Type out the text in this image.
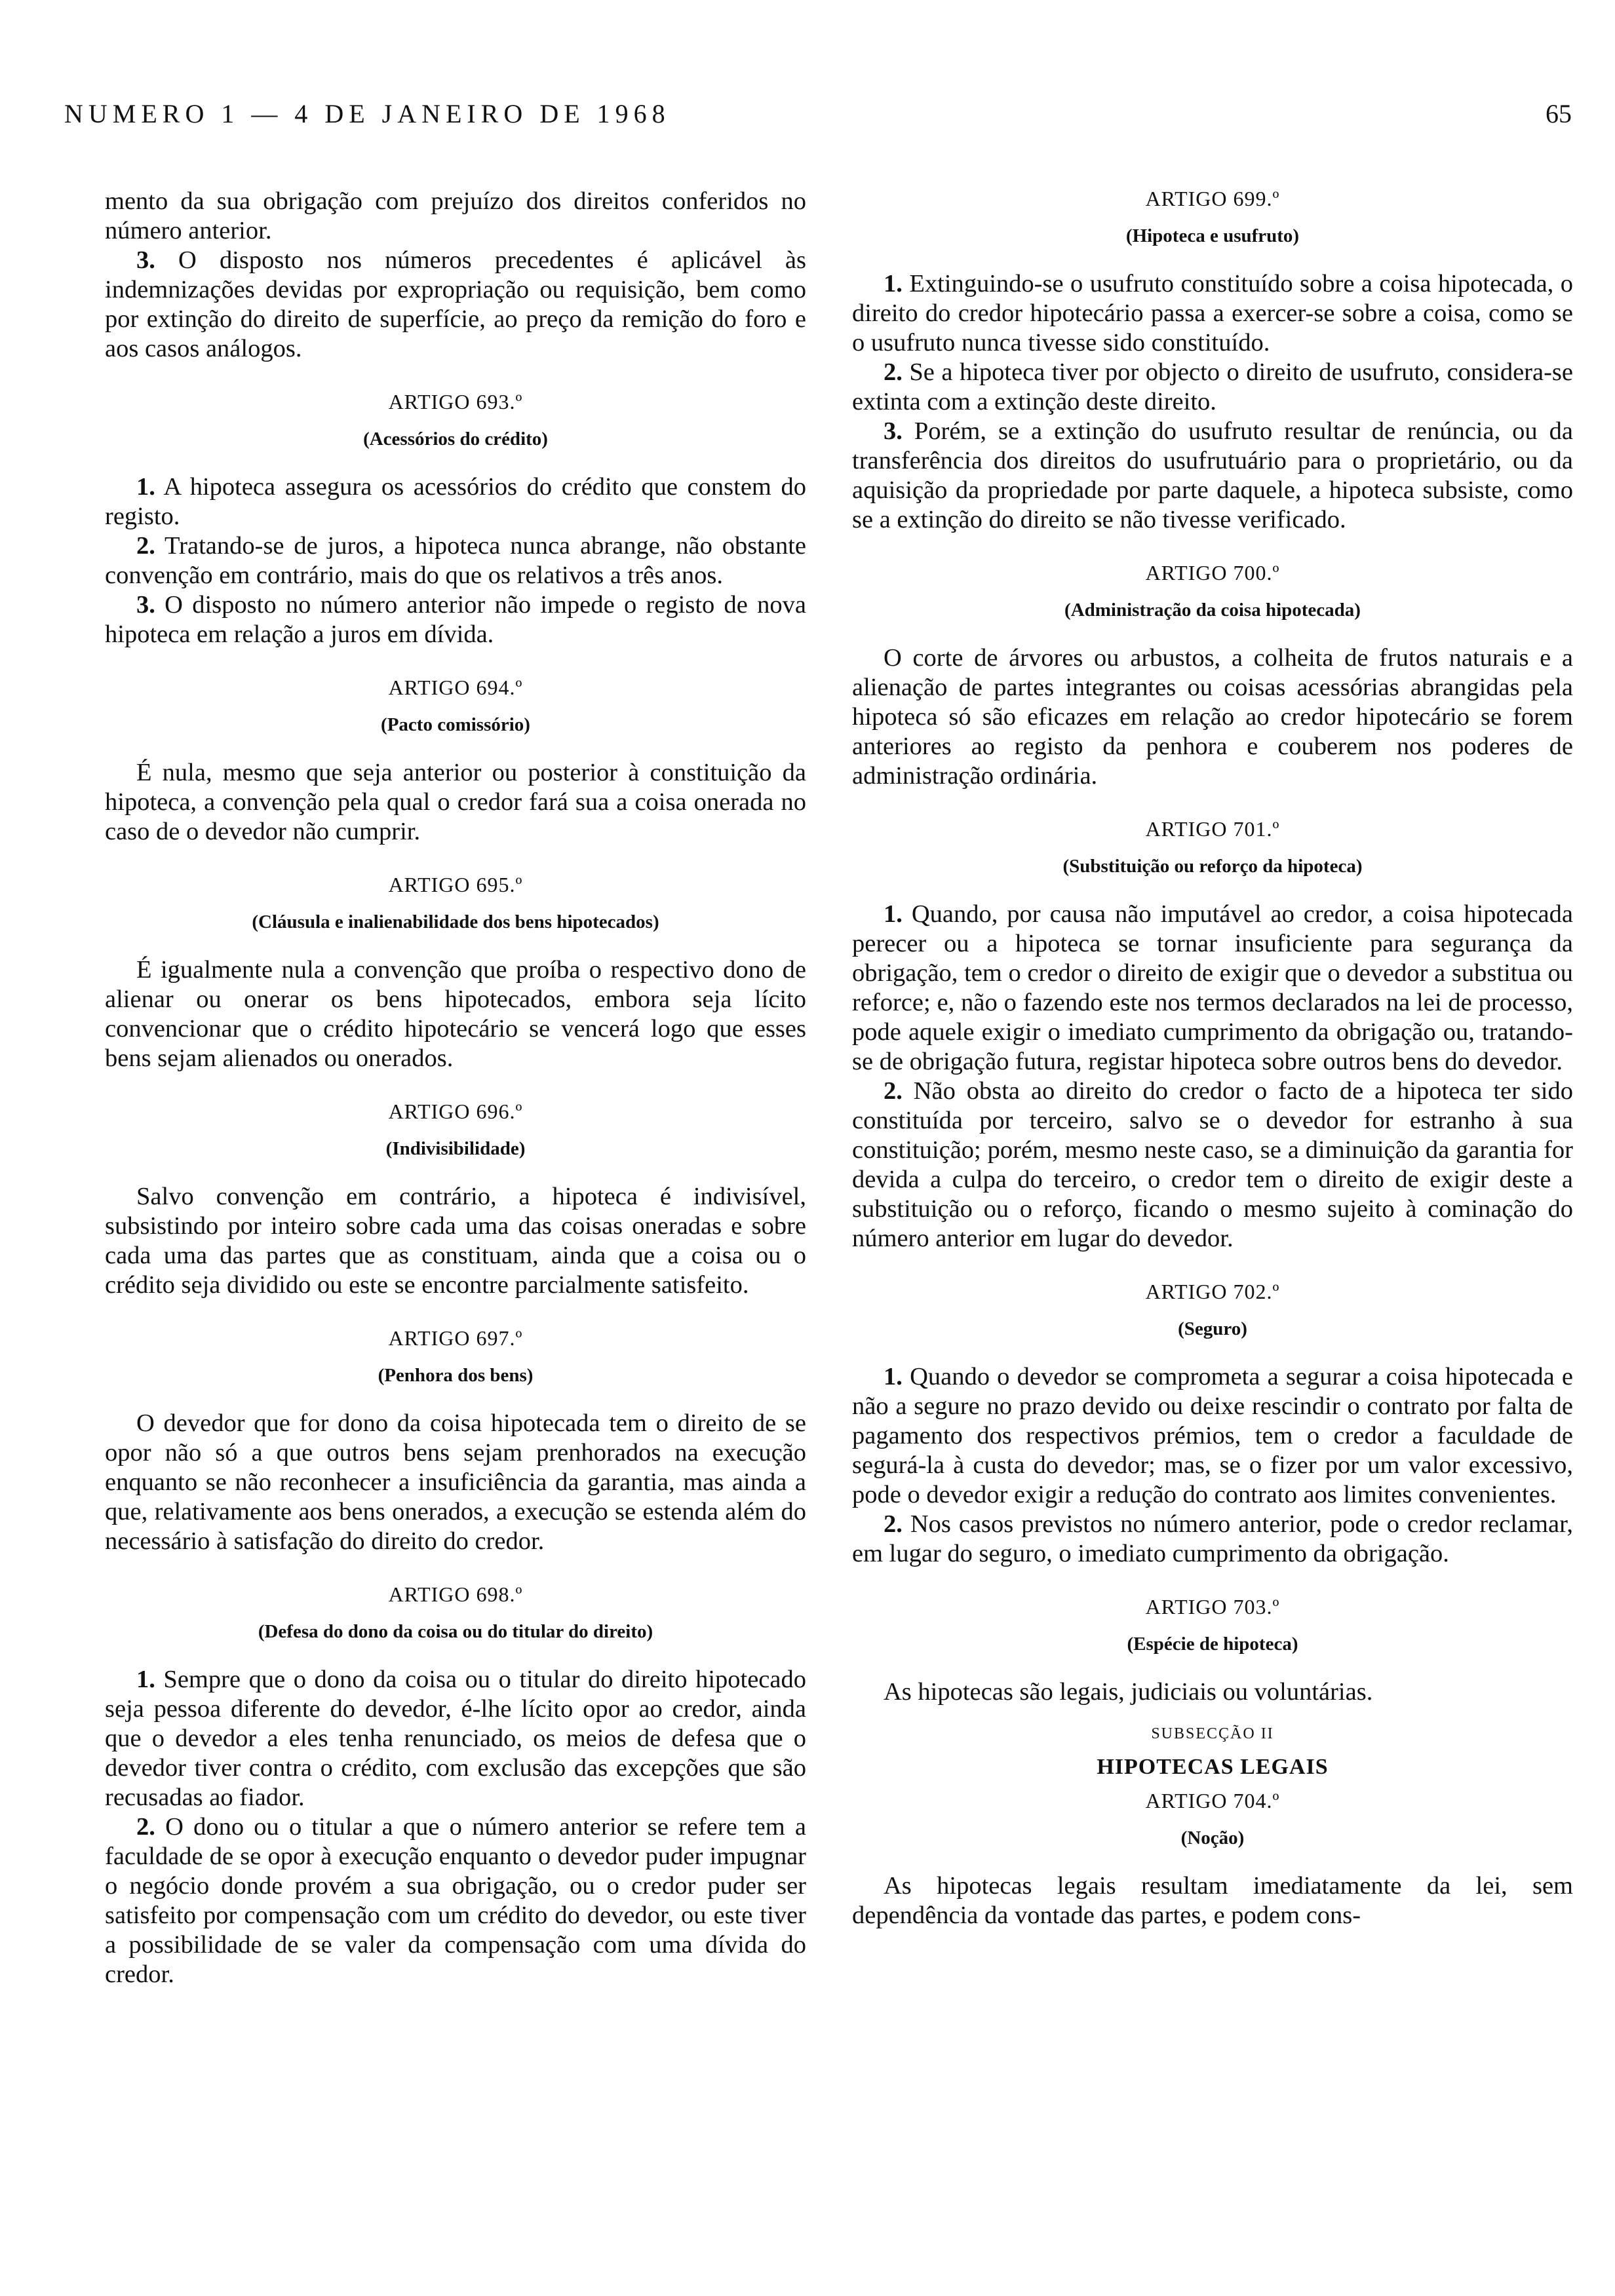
NUMERO 1 — 4 DE JANEIRO DE 1968	65

mento da sua obrigação com prejuízo dos direitos conferidos no número anterior.

3. O disposto nos números precedentes é aplicável às indemnizações devidas por expropriação ou requisição, bem como por extinção do direito de superfície, ao preço da remição do foro e aos casos análogos.

ARTIGO 693.º
(Acessórios do crédito)

1. A hipoteca assegura os acessórios do crédito que constem do registo.

2. Tratando-se de juros, a hipoteca nunca abrange, não obstante convenção em contrário, mais do que os relativos a três anos.

3. O disposto no número anterior não impede o registo de nova hipoteca em relação a juros em dívida.

ARTIGO 694.º
(Pacto comissório)

É nula, mesmo que seja anterior ou posterior à constituição da hipoteca, a convenção pela qual o credor fará sua a coisa onerada no caso de o devedor não cumprir.

ARTIGO 695.º
(Cláusula e inalienabilidade dos bens hipotecados)

É igualmente nula a convenção que proíba o respectivo dono de alienar ou onerar os bens hipotecados, embora seja lícito convencionar que o crédito hipotecário se vencerá logo que esses bens sejam alienados ou onerados.

ARTIGO 696.º
(Indivisibilidade)

Salvo convenção em contrário, a hipoteca é indivisível, subsistindo por inteiro sobre cada uma das coisas oneradas e sobre cada uma das partes que as constituam, ainda que a coisa ou o crédito seja dividido ou este se encontre parcialmente satisfeito.

ARTIGO 697.º
(Penhora dos bens)

O devedor que for dono da coisa hipotecada tem o direito de se opor não só a que outros bens sejam prenhorados na execução enquanto se não reconhecer a insuficiência da garantia, mas ainda a que, relativamente aos bens onerados, a execução se estenda além do necessário à satisfação do direito do credor.

ARTIGO 698.º
(Defesa do dono da coisa ou do titular do direito)

1. Sempre que o dono da coisa ou o titular do direito hipotecado seja pessoa diferente do devedor, é-lhe lícito opor ao credor, ainda que o devedor a eles tenha renunciado, os meios de defesa que o devedor tiver contra o crédito, com exclusão das excepções que são recusadas ao fiador.

2. O dono ou o titular a que o número anterior se refere tem a faculdade de se opor à execução enquanto o devedor puder impugnar o negócio donde provém a sua obrigação, ou o credor puder ser satisfeito por compensação com um crédito do devedor, ou este tiver a possibilidade de se valer da compensação com uma dívida do credor.

ARTIGO 699.º
(Hipoteca e usufruto)

1. Extinguindo-se o usufruto constituído sobre a coisa hipotecada, o direito do credor hipotecário passa a exercer-se sobre a coisa, como se o usufruto nunca tivesse sido constituído.

2. Se a hipoteca tiver por objecto o direito de usufruto, considera-se extinta com a extinção deste direito.

3. Porém, se a extinção do usufruto resultar de renúncia, ou da transferência dos direitos do usufrutuário para o proprietário, ou da aquisição da propriedade por parte daquele, a hipoteca subsiste, como se a extinção do direito se não tivesse verificado.

ARTIGO 700.º
(Administração da coisa hipotecada)

O corte de árvores ou arbustos, a colheita de frutos naturais e a alienação de partes integrantes ou coisas acessórias abrangidas pela hipoteca só são eficazes em relação ao credor hipotecário se forem anteriores ao registo da penhora e couberem nos poderes de administração ordinária.

ARTIGO 701.º
(Substituição ou reforço da hipoteca)

1. Quando, por causa não imputável ao credor, a coisa hipotecada perecer ou a hipoteca se tornar insuficiente para segurança da obrigação, tem o credor o direito de exigir que o devedor a substitua ou reforce; e, não o fazendo este nos termos declarados na lei de processo, pode aquele exigir o imediato cumprimento da obrigação ou, tratando-se de obrigação futura, registar hipoteca sobre outros bens do devedor.

2. Não obsta ao direito do credor o facto de a hipoteca ter sido constituída por terceiro, salvo se o devedor for estranho à sua constituição; porém, mesmo neste caso, se a diminuição da garantia for devida a culpa do terceiro, o credor tem o direito de exigir deste a substituição ou o reforço, ficando o mesmo sujeito à cominação do número anterior em lugar do devedor.

ARTIGO 702.º
(Seguro)

1. Quando o devedor se comprometa a segurar a coisa hipotecada e não a segure no prazo devido ou deixe rescindir o contrato por falta de pagamento dos respectivos prémios, tem o credor a faculdade de segurá-la à custa do devedor; mas, se o fizer por um valor excessivo, pode o devedor exigir a redução do contrato aos limites convenientes.

2. Nos casos previstos no número anterior, pode o credor reclamar, em lugar do seguro, o imediato cumprimento da obrigação.

ARTIGO 703.º
(Espécie de hipoteca)

As hipotecas são legais, judiciais ou voluntárias.

SUBSECÇÃO II
HIPOTECAS LEGAIS
ARTIGO 704.º
(Noção)

As hipotecas legais resultam imediatamente da lei, sem dependência da vontade das partes, e podem cons-
